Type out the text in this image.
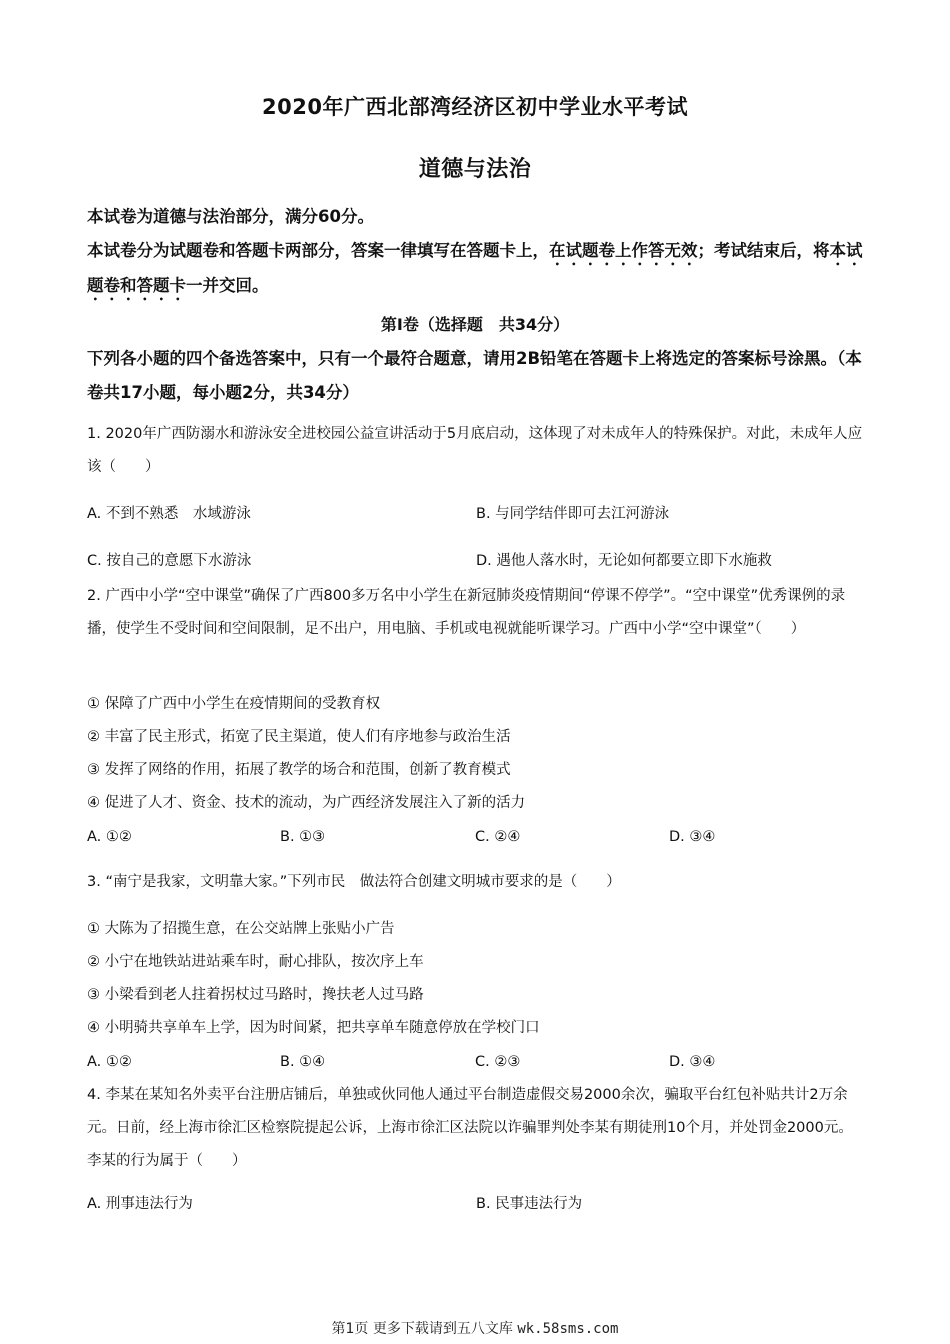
2020年广西北部湾经济区初中学业水平考试
道德与法治
本试卷为道德与法治部分，满分60分。
本试卷分为试题卷和答题卡两部分，答案一律填写在答题卡上，在试题卷上作答无效；考试结束后，将本试题卷和答题卡一并交回。
第Ⅰ卷（选择题　共34分）
下列各小题的四个备选答案中，只有一个最符合题意，请用2B铅笔在答题卡上将选定的答案标号涂黑。（本卷共17小题，每小题2分，共34分）
1. 2020年广西防溺水和游泳安全进校园公益宣讲活动于5月底启动，这体现了对未成年人的特殊保护。对此，未成年人应该（　　）
A. 不到不熟悉　水域游泳	B. 与同学结伴即可去江河游泳
C. 按自己的意愿下水游泳	D. 遇他人落水时，无论如何都要立即下水施救
2. 广西中小学“空中课堂”确保了广西800多万名中小学生在新冠肺炎疫情期间“停课不停学”。“空中课堂”优秀课例的录播，使学生不受时间和空间限制，足不出户，用电脑、手机或电视就能听课学习。广西中小学“空中课堂”（　　）
① 保障了广西中小学生在疫情期间的受教育权
② 丰富了民主形式，拓宽了民主渠道，使人们有序地参与政治生活
③ 发挥了网络的作用，拓展了教学的场合和范围，创新了教育模式
④ 促进了人才、资金、技术的流动，为广西经济发展注入了新的活力
A. ①②	B. ①③	C. ②④	D. ③④
3. “南宁是我家，文明靠大家。”下列市民　做法符合创建文明城市要求的是（　　）
① 大陈为了招揽生意，在公交站牌上张贴小广告
② 小宁在地铁站进站乘车时，耐心排队，按次序上车
③ 小梁看到老人拄着拐杖过马路时，搀扶老人过马路
④ 小明骑共享单车上学，因为时间紧，把共享单车随意停放在学校门口
A. ①②	B. ①④	C. ②③	D. ③④
4. 李某在某知名外卖平台注册店铺后，单独或伙同他人通过平台制造虚假交易2000余次，骗取平台红包补贴共计2万余元。日前，经上海市徐汇区检察院提起公诉，上海市徐汇区法院以诈骗罪判处李某有期徒刑10个月，并处罚金2000元。李某的行为属于（　　）
A. 刑事违法行为	B. 民事违法行为
第1页 更多下载请到五八文库 wk.58sms.com
